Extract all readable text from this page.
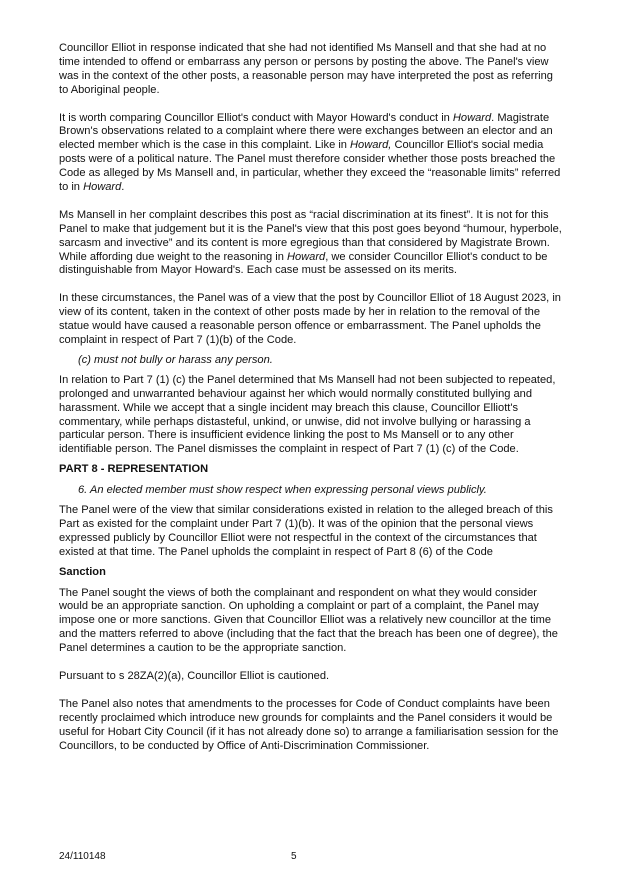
Councillor Elliot in response indicated that she had not identified Ms Mansell and that she had at no time intended to offend or embarrass any person or persons by posting the above. The Panel's view was in the context of the other posts, a reasonable person may have interpreted the post as referring to Aboriginal people.

It is worth comparing Councillor Elliot's conduct with Mayor Howard's conduct in Howard. Magistrate Brown's observations related to a complaint where there were exchanges between an elector and an elected member which is the case in this complaint. Like in Howard, Councillor Elliot's social media posts were of a political nature. The Panel must therefore consider whether those posts breached the Code as alleged by Ms Mansell and, in particular, whether they exceed the “reasonable limits” referred to in Howard.

Ms Mansell in her complaint describes this post as “racial discrimination at its finest”. It is not for this Panel to make that judgement but it is the Panel's view that this post goes beyond “humour, hyperbole, sarcasm and invective” and its content is more egregious than that considered by Magistrate Brown. While affording due weight to the reasoning in Howard, we consider Councillor Elliot's conduct to be distinguishable from Mayor Howard's. Each case must be assessed on its merits.

In these circumstances, the Panel was of a view that the post by Councillor Elliot of 18 August 2023, in view of its content, taken in the context of other posts made by her in relation to the removal of the statue would have caused a reasonable person offence or embarrassment. The Panel upholds the complaint in respect of Part 7 (1)(b) of the Code.

(c) must not bully or harass any person.

In relation to Part 7 (1) (c) the Panel determined that Ms Mansell had not been subjected to repeated, prolonged and unwarranted behaviour against her which would normally constituted bullying and harassment. While we accept that a single incident may breach this clause, Councillor Elliott's commentary, while perhaps distasteful, unkind, or unwise, did not involve bullying or harassing a particular person. There is insufficient evidence linking the post to Ms Mansell or to any other identifiable person. The Panel dismisses the complaint in respect of Part 7 (1) (c) of the Code.

PART 8 - REPRESENTATION

6. An elected member must show respect when expressing personal views publicly.

The Panel were of the view that similar considerations existed in relation to the alleged breach of this Part as existed for the complaint under Part 7 (1)(b). It was of the opinion that the personal views expressed publicly by Councillor Elliot were not respectful in the context of the circumstances that existed at that time. The Panel upholds the complaint in respect of Part 8 (6) of the Code

Sanction

The Panel sought the views of both the complainant and respondent on what they would consider would be an appropriate sanction. On upholding a complaint or part of a complaint, the Panel may impose one or more sanctions. Given that Councillor Elliot was a relatively new councillor at the time and the matters referred to above (including that the fact that the breach has been one of degree), the Panel determines a caution to be the appropriate sanction.

Pursuant to s 28ZA(2)(a), Councillor Elliot is cautioned.

The Panel also notes that amendments to the processes for Code of Conduct complaints have been recently proclaimed which introduce new grounds for complaints and the Panel considers it would be useful for Hobart City Council (if it has not already done so) to arrange a familiarisation session for the Councillors, to be conducted by Office of Anti-Discrimination Commissioner.

24/110148	5
